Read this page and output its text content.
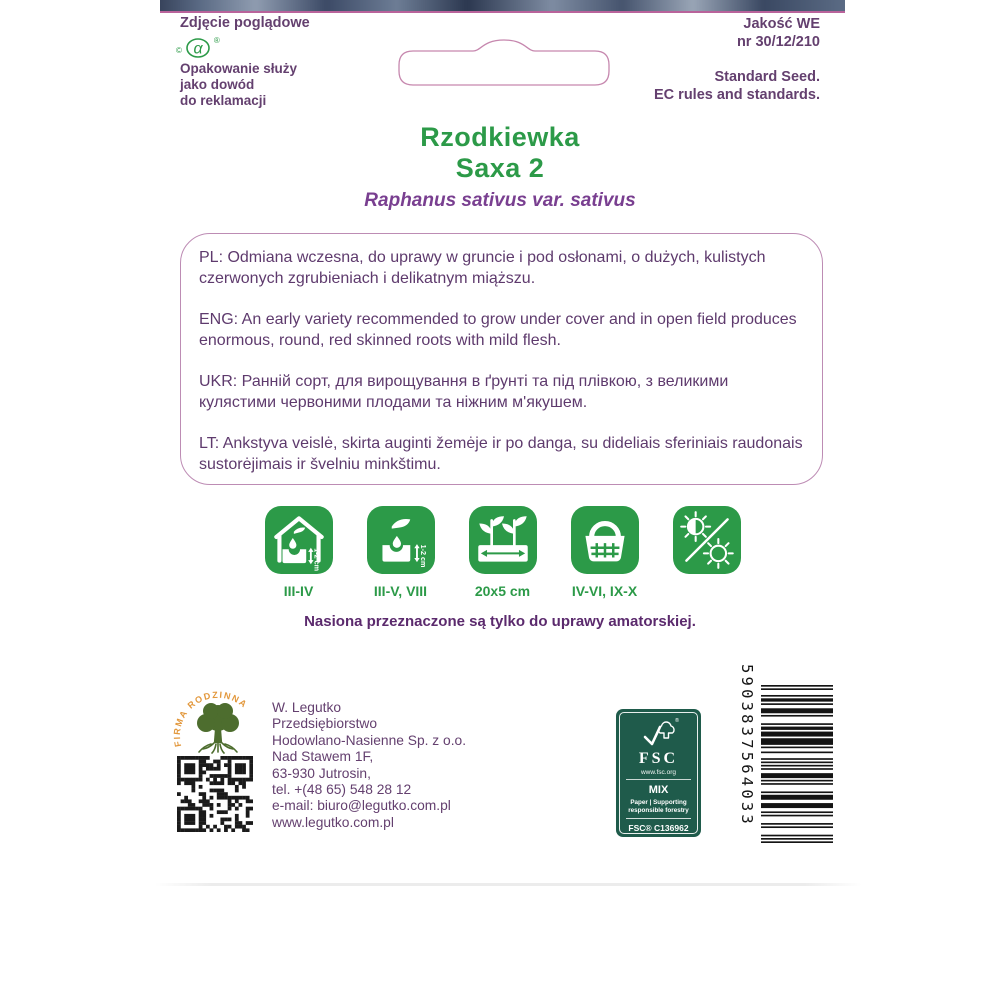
Zdjęcie poglądowe
© α ®
Opakowanie służy
jako dowód
do reklamacji
Jakość WE
nr 30/12/210
Standard Seed.
EC rules and standards.
Rzodkiewka
Saxa 2
Raphanus sativus var. sativus

PL: Odmiana wczesna, do uprawy w gruncie i pod osłonami, o dużych, kulistych czerwonych zgrubieniach i delikatnym miąższu.

ENG: An early variety recommended to grow under cover and in open field produces enormous, round, red skinned roots with mild flesh.

UKR: Ранній сорт, для вирощування в ґрунті та під плівкою, з великими кулястими червоними плодами та ніжним м'якушем.

LT: Ankstyva veislė, skirta auginti žemėje ir po danga, su dideliais sferiniais raudonais sustorėjimais ir švelniu minkštimu.

1-2 cm
III-IV
1-2 cm
III-V, VIII	20x5 cm	IV-VI, IX-X
Nasiona przeznaczone są tylko do uprawy amatorskiej.
FIRMA RODZINNA W. Legutko
Przedsiębiorstwo
Hodowlano-Nasienne Sp. z o.o.
Nad Stawem 1F,
63-930 Jutrosin,
tel. +(48 65) 548 28 12
e-mail: biuro@legutko.com.pl
www.legutko.com.pl
®
FSC
www.fsc.org
MIX
Paper | Supporting
responsible forestry
FSC® C136962
5903837564033
